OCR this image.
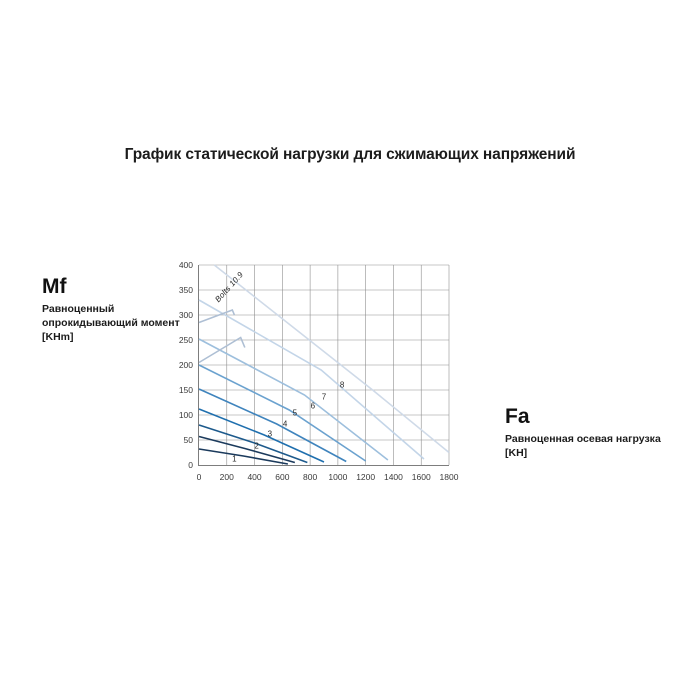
График статической нагрузки для сжимающих напряжений
Mf
Равноценный опрокидывающий момент [KHm]
Fa
Равноценная осевая нагрузка [KH]
0
50
100
150
200
250
300
350
400
0 200 400 600 800 1000 1200 1400 1600 1800
1
2
3
4
5
6
7
8
Bolts 10.9
